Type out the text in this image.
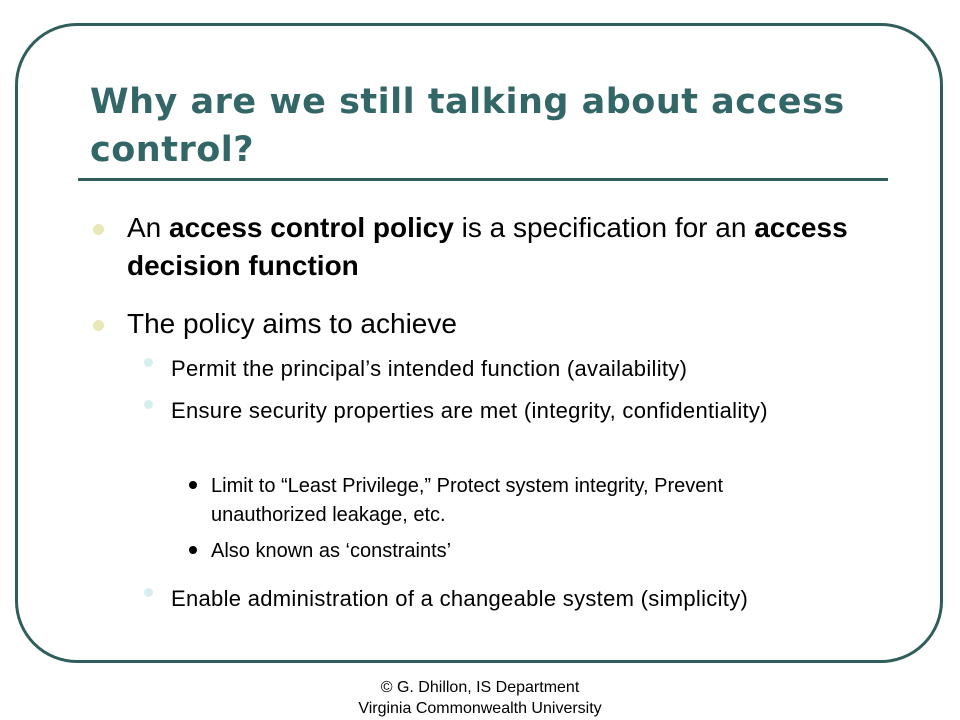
Why are we still talking about access control?
An access control policy is a specification for an access decision function
The policy aims to achieve
Permit the principal’s intended function (availability)
Ensure security properties are met (integrity, confidentiality)
Limit to “Least Privilege,” Protect system integrity, Prevent unauthorized leakage, etc.
Also known as ‘constraints’
Enable administration of a changeable system (simplicity)
© G. Dhillon, IS Department
Virginia Commonwealth University
